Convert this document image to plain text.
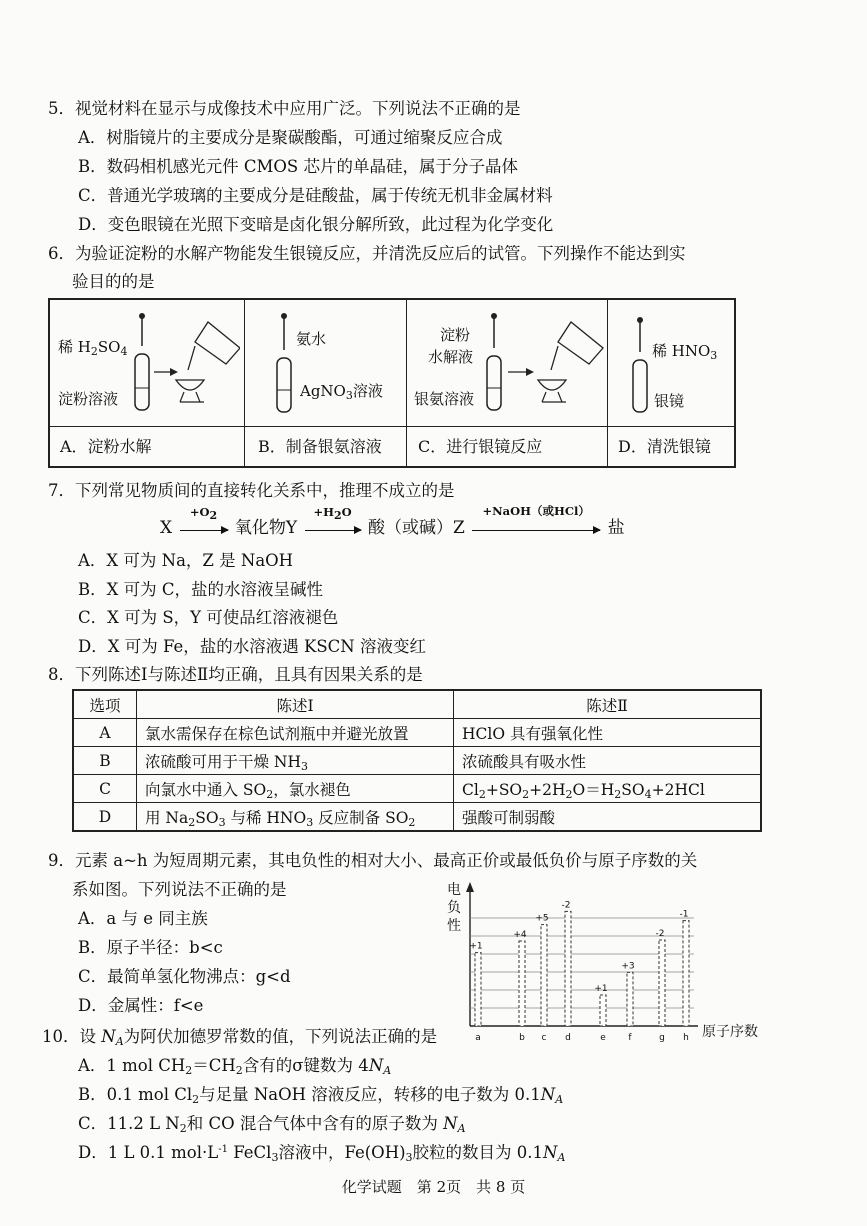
5．视觉材料在显示与成像技术中应用广泛。下列说法不正确的是
A．树脂镜片的主要成分是聚碳酸酯，可通过缩聚反应合成
B．数码相机感光元件 CMOS 芯片的单晶硅，属于分子晶体
C．普通光学玻璃的主要成分是硅酸盐，属于传统无机非金属材料
D．变色眼镜在光照下变暗是卤化银分解所致，此过程为化学变化
6．为验证淀粉的水解产物能发生银镜反应，并清洗反应后的试管。下列操作不能达到实
验目的的是
稀 $H_2SO_4$
淀粉溶液
氨水
AgNO$_3$溶液
淀粉
水解液
银氨溶液
稀 $HNO_3$
银镜
A．淀粉水解	B．制备银氨溶液 C．进行银镜反应	D．清洗银镜
7．下列常见物质间的直接转化关系中，推理不成立的是
X
$+O_2$
氧化物Y
$+H_2O$
酸（或碱）Z
+NaOH（或HCl）
盐
A．X 可为 Na，Z 是 NaOH
B．X 可为 C，盐的水溶液呈碱性
C．X 可为 S，Y 可使品红溶液褪色
D．X 可为 Fe，盐的水溶液遇 KSCN 溶液变红
8．下列陈述Ⅰ与陈述Ⅱ均正确，且具有因果关系的是
选项	陈述Ⅰ	陈述Ⅱ
A	氯水需保存在棕色试剂瓶中并避光放置	HClO 具有强氧化性
B	浓硫酸可用于干燥 $NH_3$	浓硫酸具有吸水性
C	向氯水中通入 $SO_2$，氯水褪色	$Cl_2+SO_2+2H_2O=H_2SO_4+2HCl$
D	用 $Na_2SO_3$ 与稀 $HNO_3$ 反应制备 $SO_2$	强酸可制弱酸
9．元素 a~h 为短周期元素，其电负性的相对大小、最高正价或最低负价与原子序数的关
系如图。下列说法不正确的是
A．a 与 e 同主族
B．原子半径：b<c
C．最简单氢化物沸点：g<d
D．金属性：f<e
电
负
性
+1
a
+4
b
+5
c
-2
d
+1
e
+3
f
-2
g
-1
h 原子序数
10．设 $N_A$为阿伏加德罗常数的值，下列说法正确的是
A．1 mol $CH_2=CH_2$含有的σ键数为 $4N_A$
B．0.1 mol $Cl_2$与足量 NaOH 溶液反应，转移的电子数为 $0.1N_A$
C．11.2 L $N_2$和 CO 混合气体中含有的原子数为 $N_A$
D．1 L 0.1 $mol\cdot L^{-1}$ FeCl$_3$溶液中，$Fe(OH)_3$胶粒的数目为 $0.1N_A$
化学试题　第 2页　共 8 页
